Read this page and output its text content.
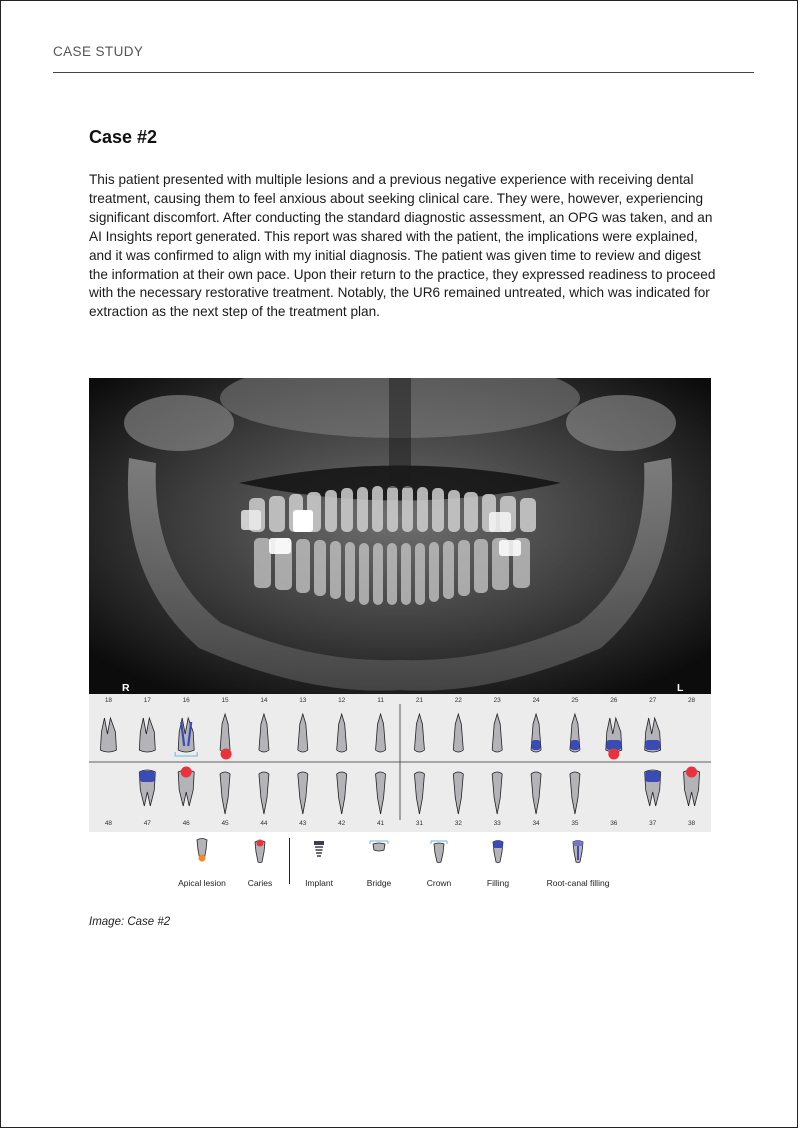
CASE STUDY
Case #2

This patient presented with multiple lesions and a previous negative experience with receiving dental treatment, causing them to feel anxious about seeking clinical care. They were, however, experiencing significant discomfort. After conducting the standard diagnostic assessment, an OPG was taken, and an AI Insights report generated. This report was shared with the patient, the implications were explained, and it was confirmed to align with my initial diagnosis. The patient was given time to review and digest the information at their own pace. Upon their return to the practice, they expressed readiness to proceed with the necessary restorative treatment. Notably, the UR6 remained untreated, which was indicated for extraction as the next step of the treatment plan.

R	L
18	17	16	15	14	13	12	11	21	22	23	24	25	26	27	28
48	47	46	45	44	43	42	41	31	32	33	34	35	36	37	38
Apical lesion	Caries	Implant	Bridge	Crown	Filling	Root-canal filling
Image: Case #2
